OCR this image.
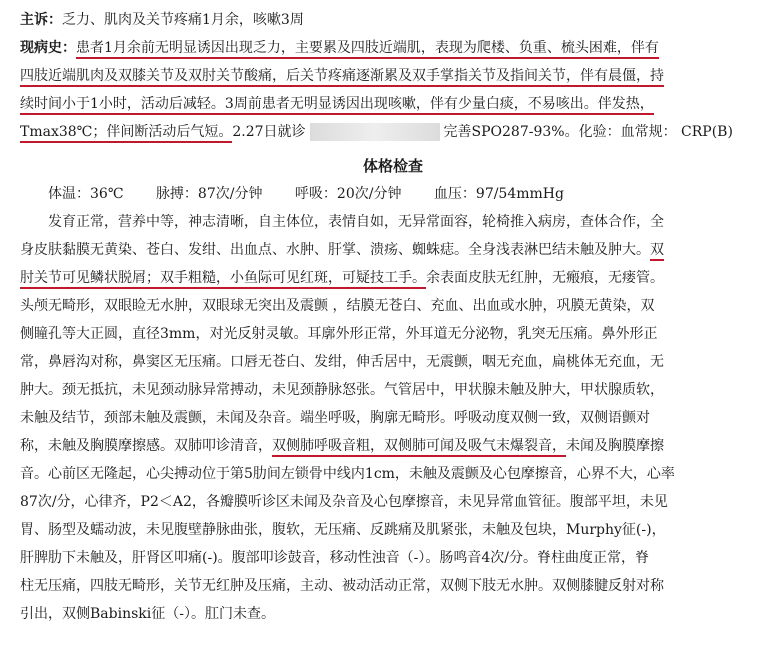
主诉：乏力、肌肉及关节疼痛1月余，咳嗽3周
现病史：患者1月余前无明显诱因出现乏力，主要累及四肢近端肌，表现为爬楼、负重、梳头困难，伴有
四肢近端肌肉及双膝关节及双肘关节酸痛，后关节疼痛逐渐累及双手掌指关节及指间关节，伴有晨僵，持
续时间小于1小时，活动后减轻。3周前患者无明显诱因出现咳嗽，伴有少量白痰，不易咳出。伴发热，
Tmax38℃；伴间断活动后气短。2.27日就诊	完善SPO287-93%。化验：血常规： CRP(B)
体格检查
体温：36℃ 脉搏：87次/分钟 呼吸：20次/分钟 血压：97/54mmHg
发育正常，营养中等，神志清晰，自主体位，表情自如，无异常面容，轮椅推入病房，查体合作，全
身皮肤黏膜无黄染、苍白、发绀、出血点、水肿、肝掌、溃疡、蜘蛛痣。全身浅表淋巴结未触及肿大。双
肘关节可见鳞状脱屑；双手粗糙，小鱼际可见红斑，可疑技工手。余表面皮肤无红肿，无瘢痕，无瘘管。
头颅无畸形，双眼睑无水肿，双眼球无突出及震颤 ，结膜无苍白、充血、出血或水肿，巩膜无黄染，双
侧瞳孔等大正圆，直径3mm，对光反射灵敏。耳廓外形正常，外耳道无分泌物，乳突无压痛。鼻外形正
常，鼻唇沟对称，鼻窦区无压痛。口唇无苍白、发绀，伸舌居中，无震颤，咽无充血，扁桃体无充血，无
肿大。颈无抵抗，未见颈动脉异常搏动，未见颈静脉怒张。气管居中，甲状腺未触及肿大，甲状腺质软，
未触及结节，颈部未触及震颤，未闻及杂音。端坐呼吸，胸廓无畸形。呼吸动度双侧一致，双侧语颤对
称，未触及胸膜摩擦感。双肺叩诊清音，双侧肺呼吸音粗，双侧肺可闻及吸气末爆裂音，未闻及胸膜摩擦
音。心前区无隆起，心尖搏动位于第5肋间左锁骨中线内1cm，未触及震颤及心包摩擦音，心界不大，心率
87次/分，心律齐，P2＜A2，各瓣膜听诊区未闻及杂音及心包摩擦音，未见异常血管征。腹部平坦，未见
胃、肠型及蠕动波，未见腹壁静脉曲张，腹软，无压痛、反跳痛及肌紧张，未触及包块，Murphy征(-)，
肝脾肋下未触及，肝肾区叩痛(-)。腹部叩诊鼓音，移动性浊音（-）。肠鸣音4次/分。脊柱曲度正常，脊
柱无压痛，四肢无畸形，关节无红肿及压痛，主动、被动活动正常，双侧下肢无水肿。双侧膝腱反射对称
引出，双侧Babinski征（-）。肛门未查。
